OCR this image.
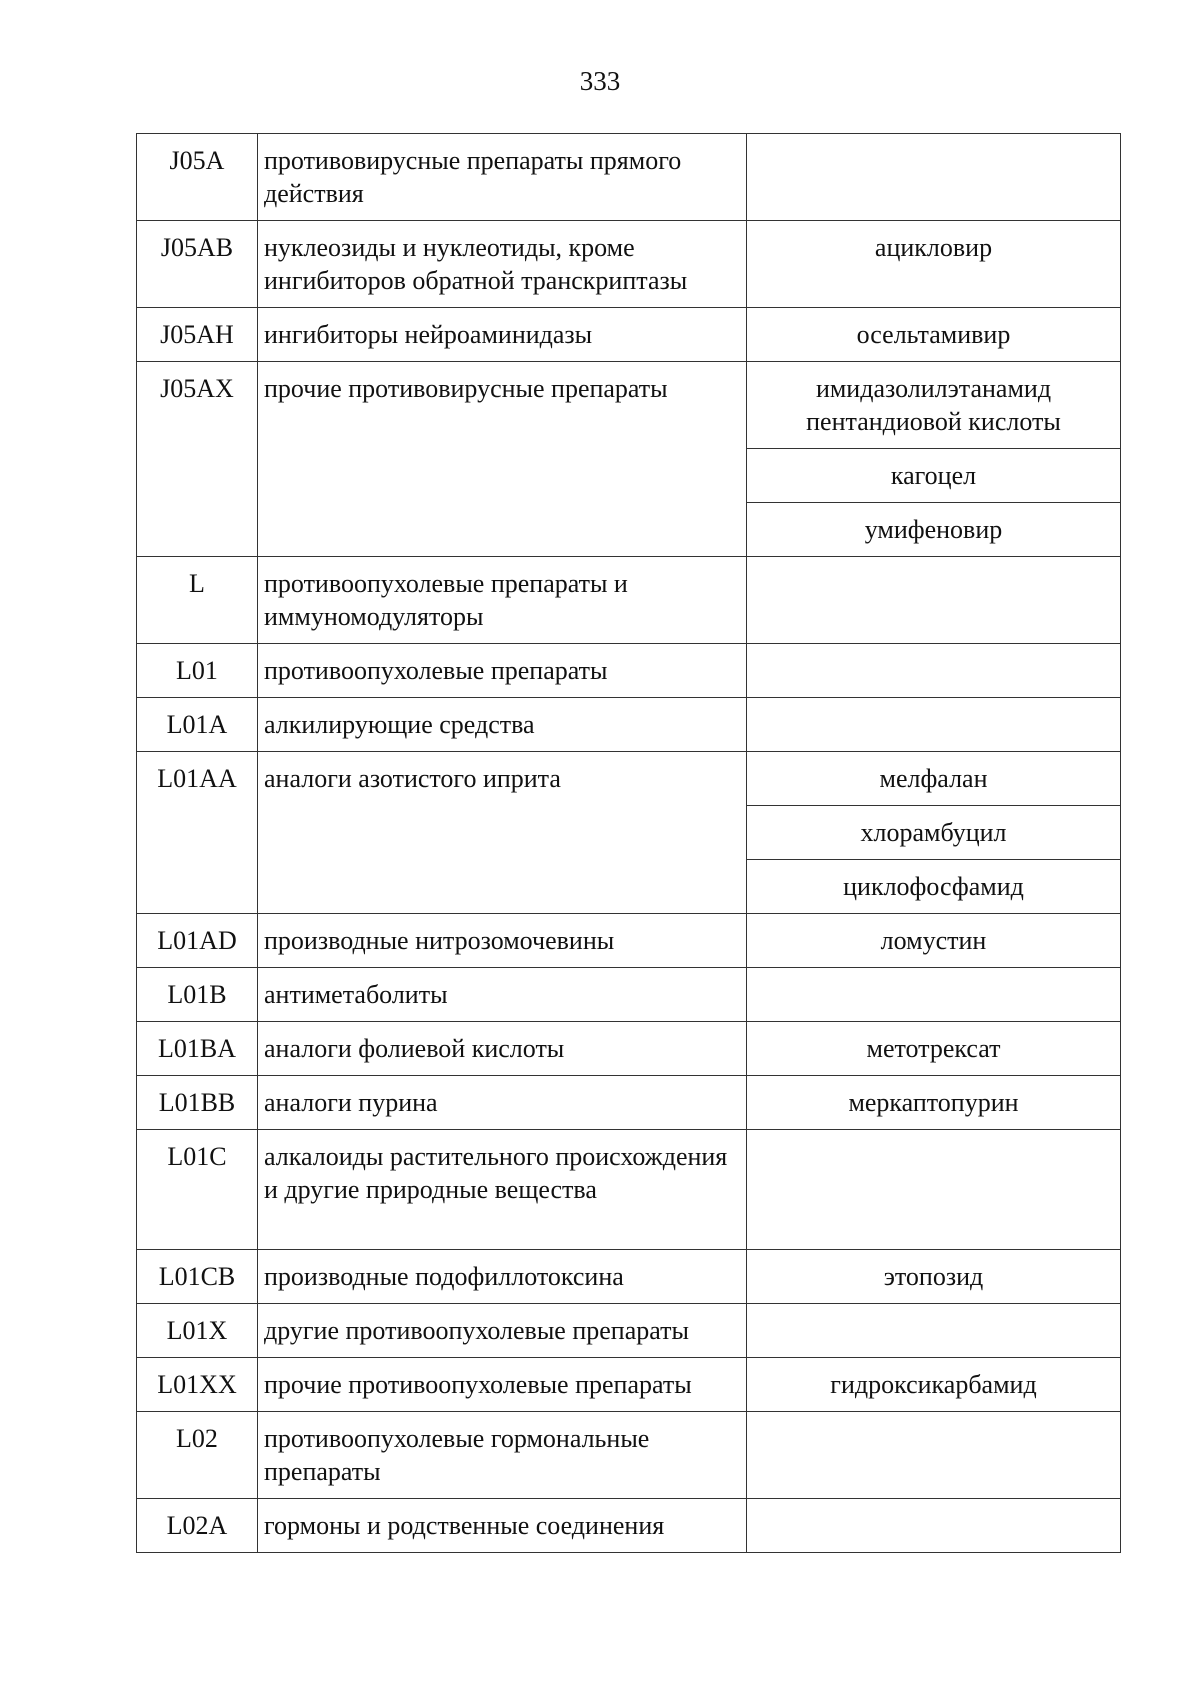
333
J05A	противовирусные препараты прямого действия	
J05AB	нуклеозиды и нуклеотиды, кроме ингибиторов обратной транскриптазы	ацикловир
J05AH	ингибиторы нейроаминидазы	осельтамивир
J05AX	прочие противовирусные препараты	имидазолилэтанамид пентандиовой кислоты
		кагоцел
		умифеновир
L	противоопухолевые препараты и иммуномодуляторы	
L01	противоопухолевые препараты	
L01A	алкилирующие средства	
L01AA	аналоги азотистого иприта	мелфалан
		хлорамбуцил
		циклофосфамид
L01AD	производные нитрозомочевины	ломустин
L01B	антиметаболиты	
L01BA	аналоги фолиевой кислоты	метотрексат
L01BB	аналоги пурина	меркаптопурин
L01C	алкалоиды растительного происхождения и другие природные вещества	
L01CB	производные подофиллотоксина	этопозид
L01X	другие противоопухолевые препараты	
L01XX	прочие противоопухолевые препараты	гидроксикарбамид
L02	противоопухолевые гормональные препараты	
L02A	гормоны и родственные соединения	
